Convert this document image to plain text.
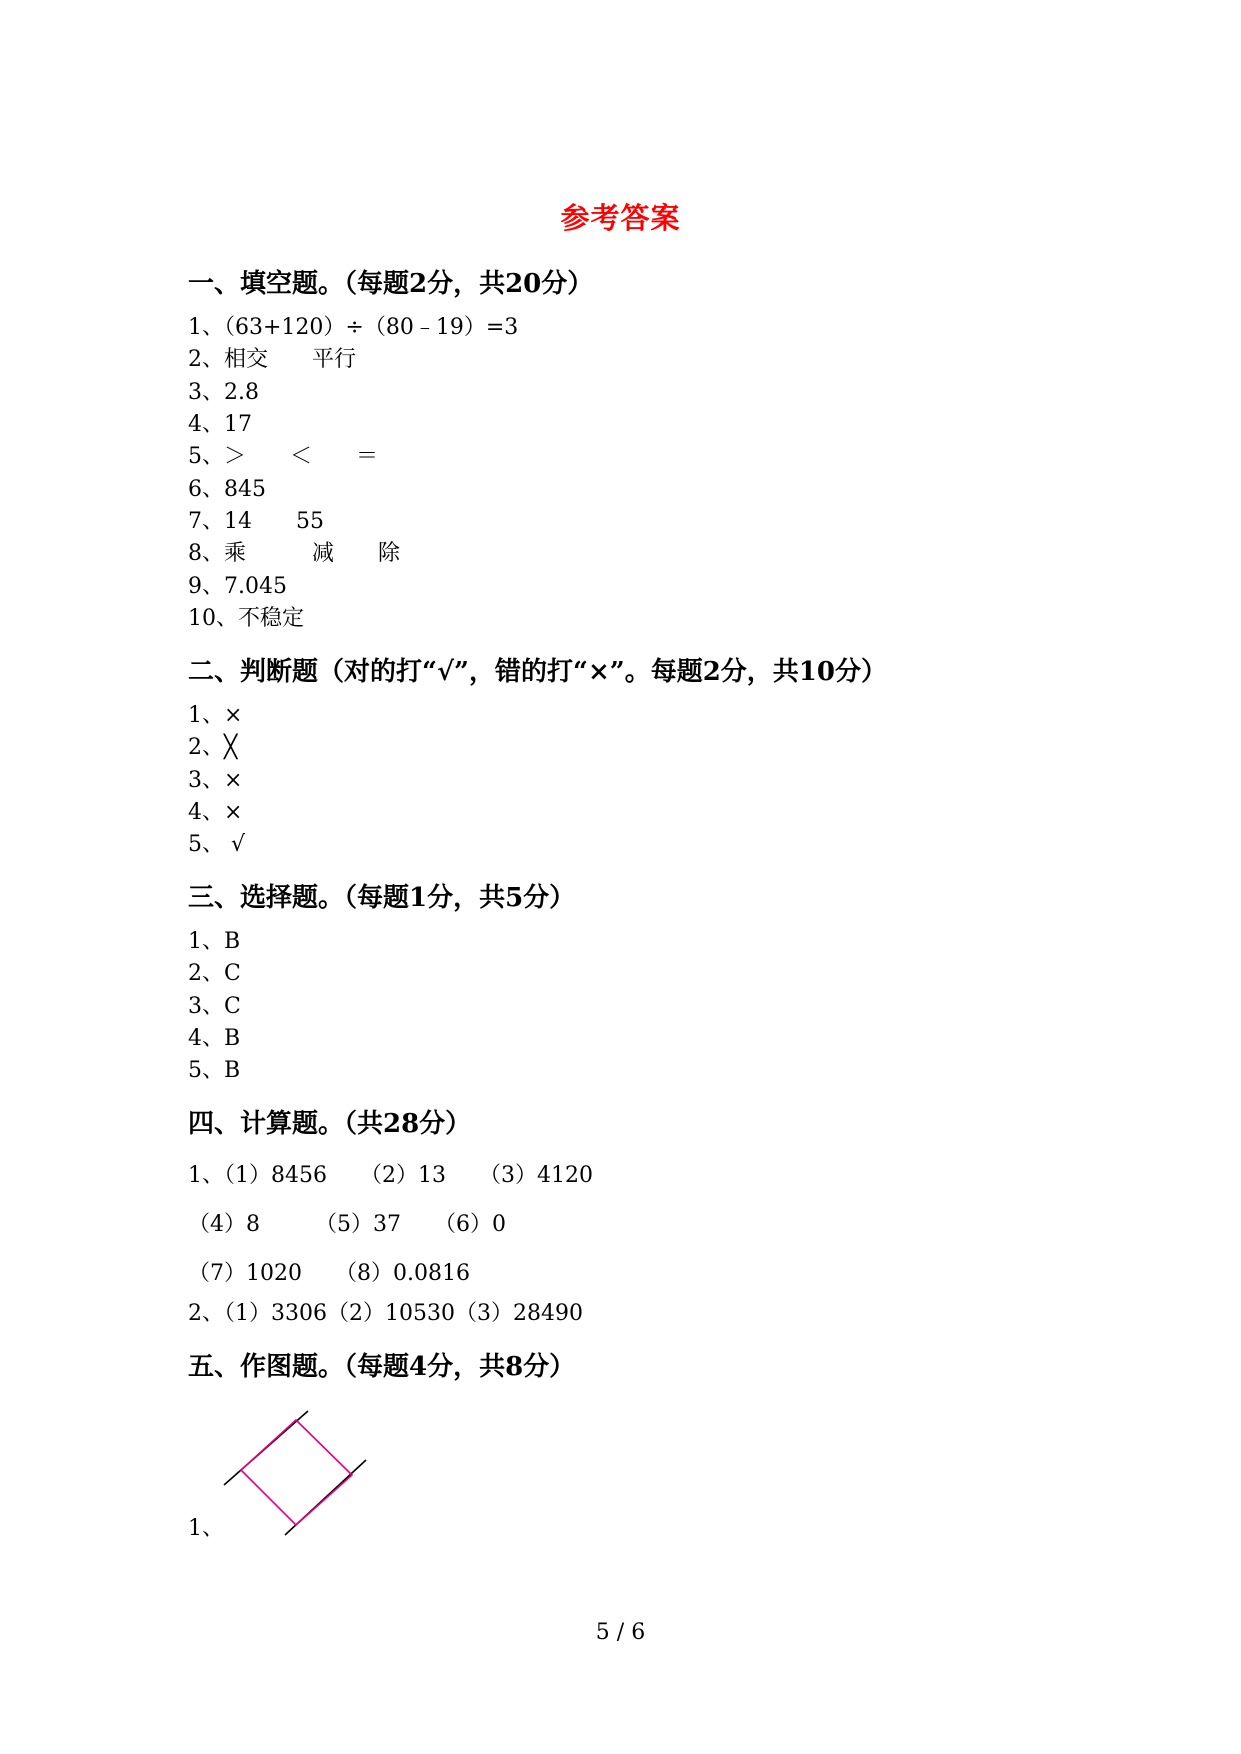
参考答案
一、填空题。（每题2分，共20分）
1、（63+120）÷（80﹣19）=3
2、相交　　平行
3、2.8
4、17
5、＞　　＜　　＝
6、845
7、14　　55
8、乘　　　减　　除
9、7.045
10、不稳定
二、判断题（对的打“√”，错的打“×”。每题2分，共10分）
1、×
2、╳
3、×
4、×
5、 √
三、选择题。（每题1分，共5分）
1、B
2、C
3、C
4、B
5、B
四、计算题。（共28分）
1、（1）8456　　（2）13　　（3）4120
（4）8　　　（5）37　　（6）0
（7）1020　　（8）0.0816
2、（1）3306（2）10530（3）28490
五、作图题。（每题4分，共8分）
1、
5 / 6
